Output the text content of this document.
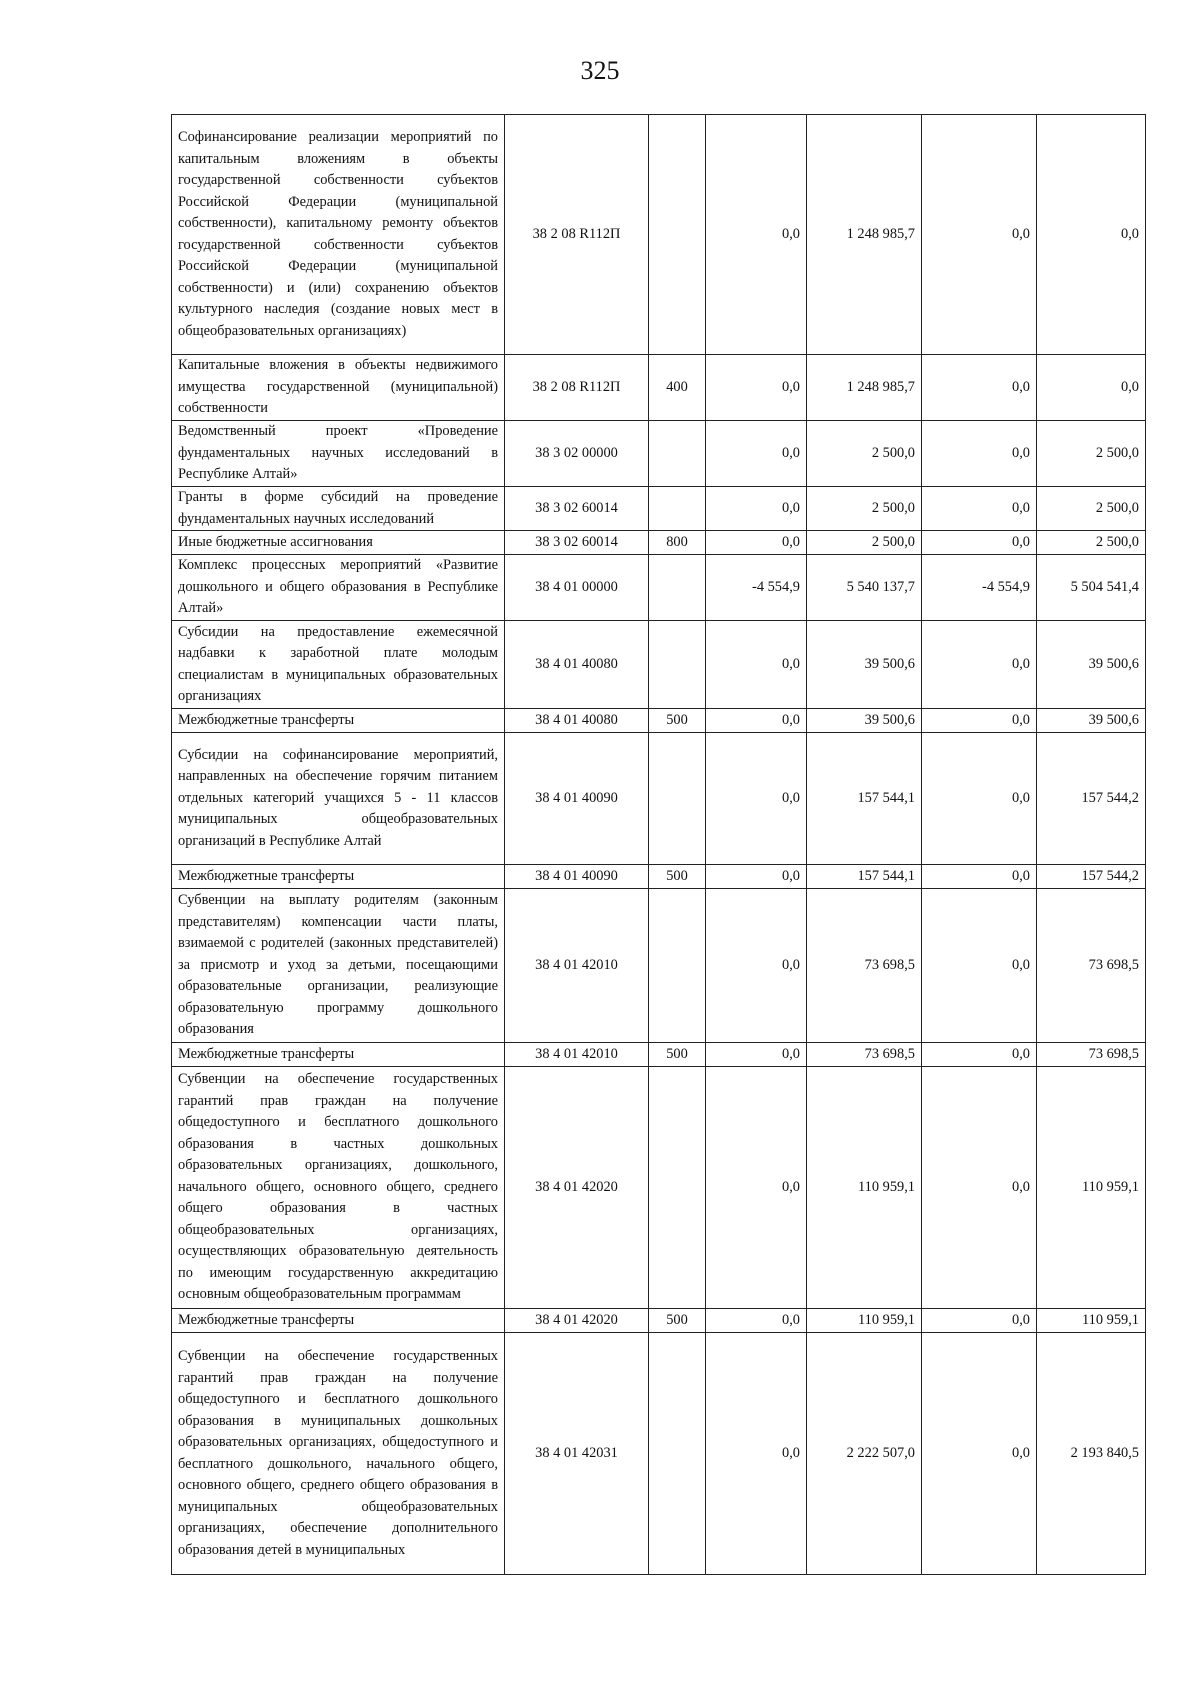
325
Софинансирование реализации мероприятий по капитальным вложениям в объекты государственной собственности субъектов Российской Федерации (муниципальной собственности), капитальному ремонту объектов государственной собственности субъектов Российской Федерации (муниципальной собственности) и (или) сохранению объектов культурного наследия (создание новых мест в общеобразовательных организациях)	38 2 08 R112П		0,0	1 248 985,7	0,0	0,0
Капитальные вложения в объекты недвижимого имущества государственной (муниципальной) собственности	38 2 08 R112П	400	0,0	1 248 985,7	0,0	0,0
Ведомственный проект «Проведение фундаментальных научных исследований в Республике Алтай»	38 3 02 00000		0,0	2 500,0	0,0	2 500,0
Гранты в форме субсидий на проведение фундаментальных научных исследований	38 3 02 60014		0,0	2 500,0	0,0	2 500,0
Иные бюджетные ассигнования	38 3 02 60014	800	0,0	2 500,0	0,0	2 500,0
Комплекс процессных мероприятий «Развитие дошкольного и общего образования в Республике Алтай»	38 4 01 00000		-4 554,9	5 540 137,7	-4 554,9	5 504 541,4
Субсидии на предоставление ежемесячной надбавки к заработной плате молодым специалистам в муниципальных образовательных организациях	38 4 01 40080		0,0	39 500,6	0,0	39 500,6
Межбюджетные трансферты	38 4 01 40080	500	0,0	39 500,6	0,0	39 500,6
Субсидии на софинансирование мероприятий, направленных на обеспечение горячим питанием отдельных категорий учащихся 5 - 11 классов муниципальных общеобразовательных организаций в Республике Алтай	38 4 01 40090		0,0	157 544,1	0,0	157 544,2
Межбюджетные трансферты	38 4 01 40090	500	0,0	157 544,1	0,0	157 544,2
Субвенции на выплату родителям (законным представителям) компенсации части платы, взимаемой с родителей (законных представителей) за присмотр и уход за детьми, посещающими образовательные организации, реализующие образовательную программу дошкольного образования	38 4 01 42010		0,0	73 698,5	0,0	73 698,5
Межбюджетные трансферты	38 4 01 42010	500	0,0	73 698,5	0,0	73 698,5
Субвенции на обеспечение государственных гарантий прав граждан на получение общедоступного и бесплатного дошкольного образования в частных дошкольных образовательных организациях, дошкольного, начального общего, основного общего, среднего общего образования в частных общеобразовательных организациях, осуществляющих образовательную деятельность по имеющим государственную аккредитацию основным общеобразовательным программам	38 4 01 42020		0,0	110 959,1	0,0	110 959,1
Межбюджетные трансферты	38 4 01 42020	500	0,0	110 959,1	0,0	110 959,1
Субвенции на обеспечение государственных гарантий прав граждан на получение общедоступного и бесплатного дошкольного образования в муниципальных дошкольных образовательных организациях, общедоступного и бесплатного дошкольного, начального общего, основного общего, среднего общего образования в муниципальных общеобразовательных организациях, обеспечение дополнительного образования детей в муниципальных	38 4 01 42031		0,0	2 222 507,0	0,0	2 193 840,5
